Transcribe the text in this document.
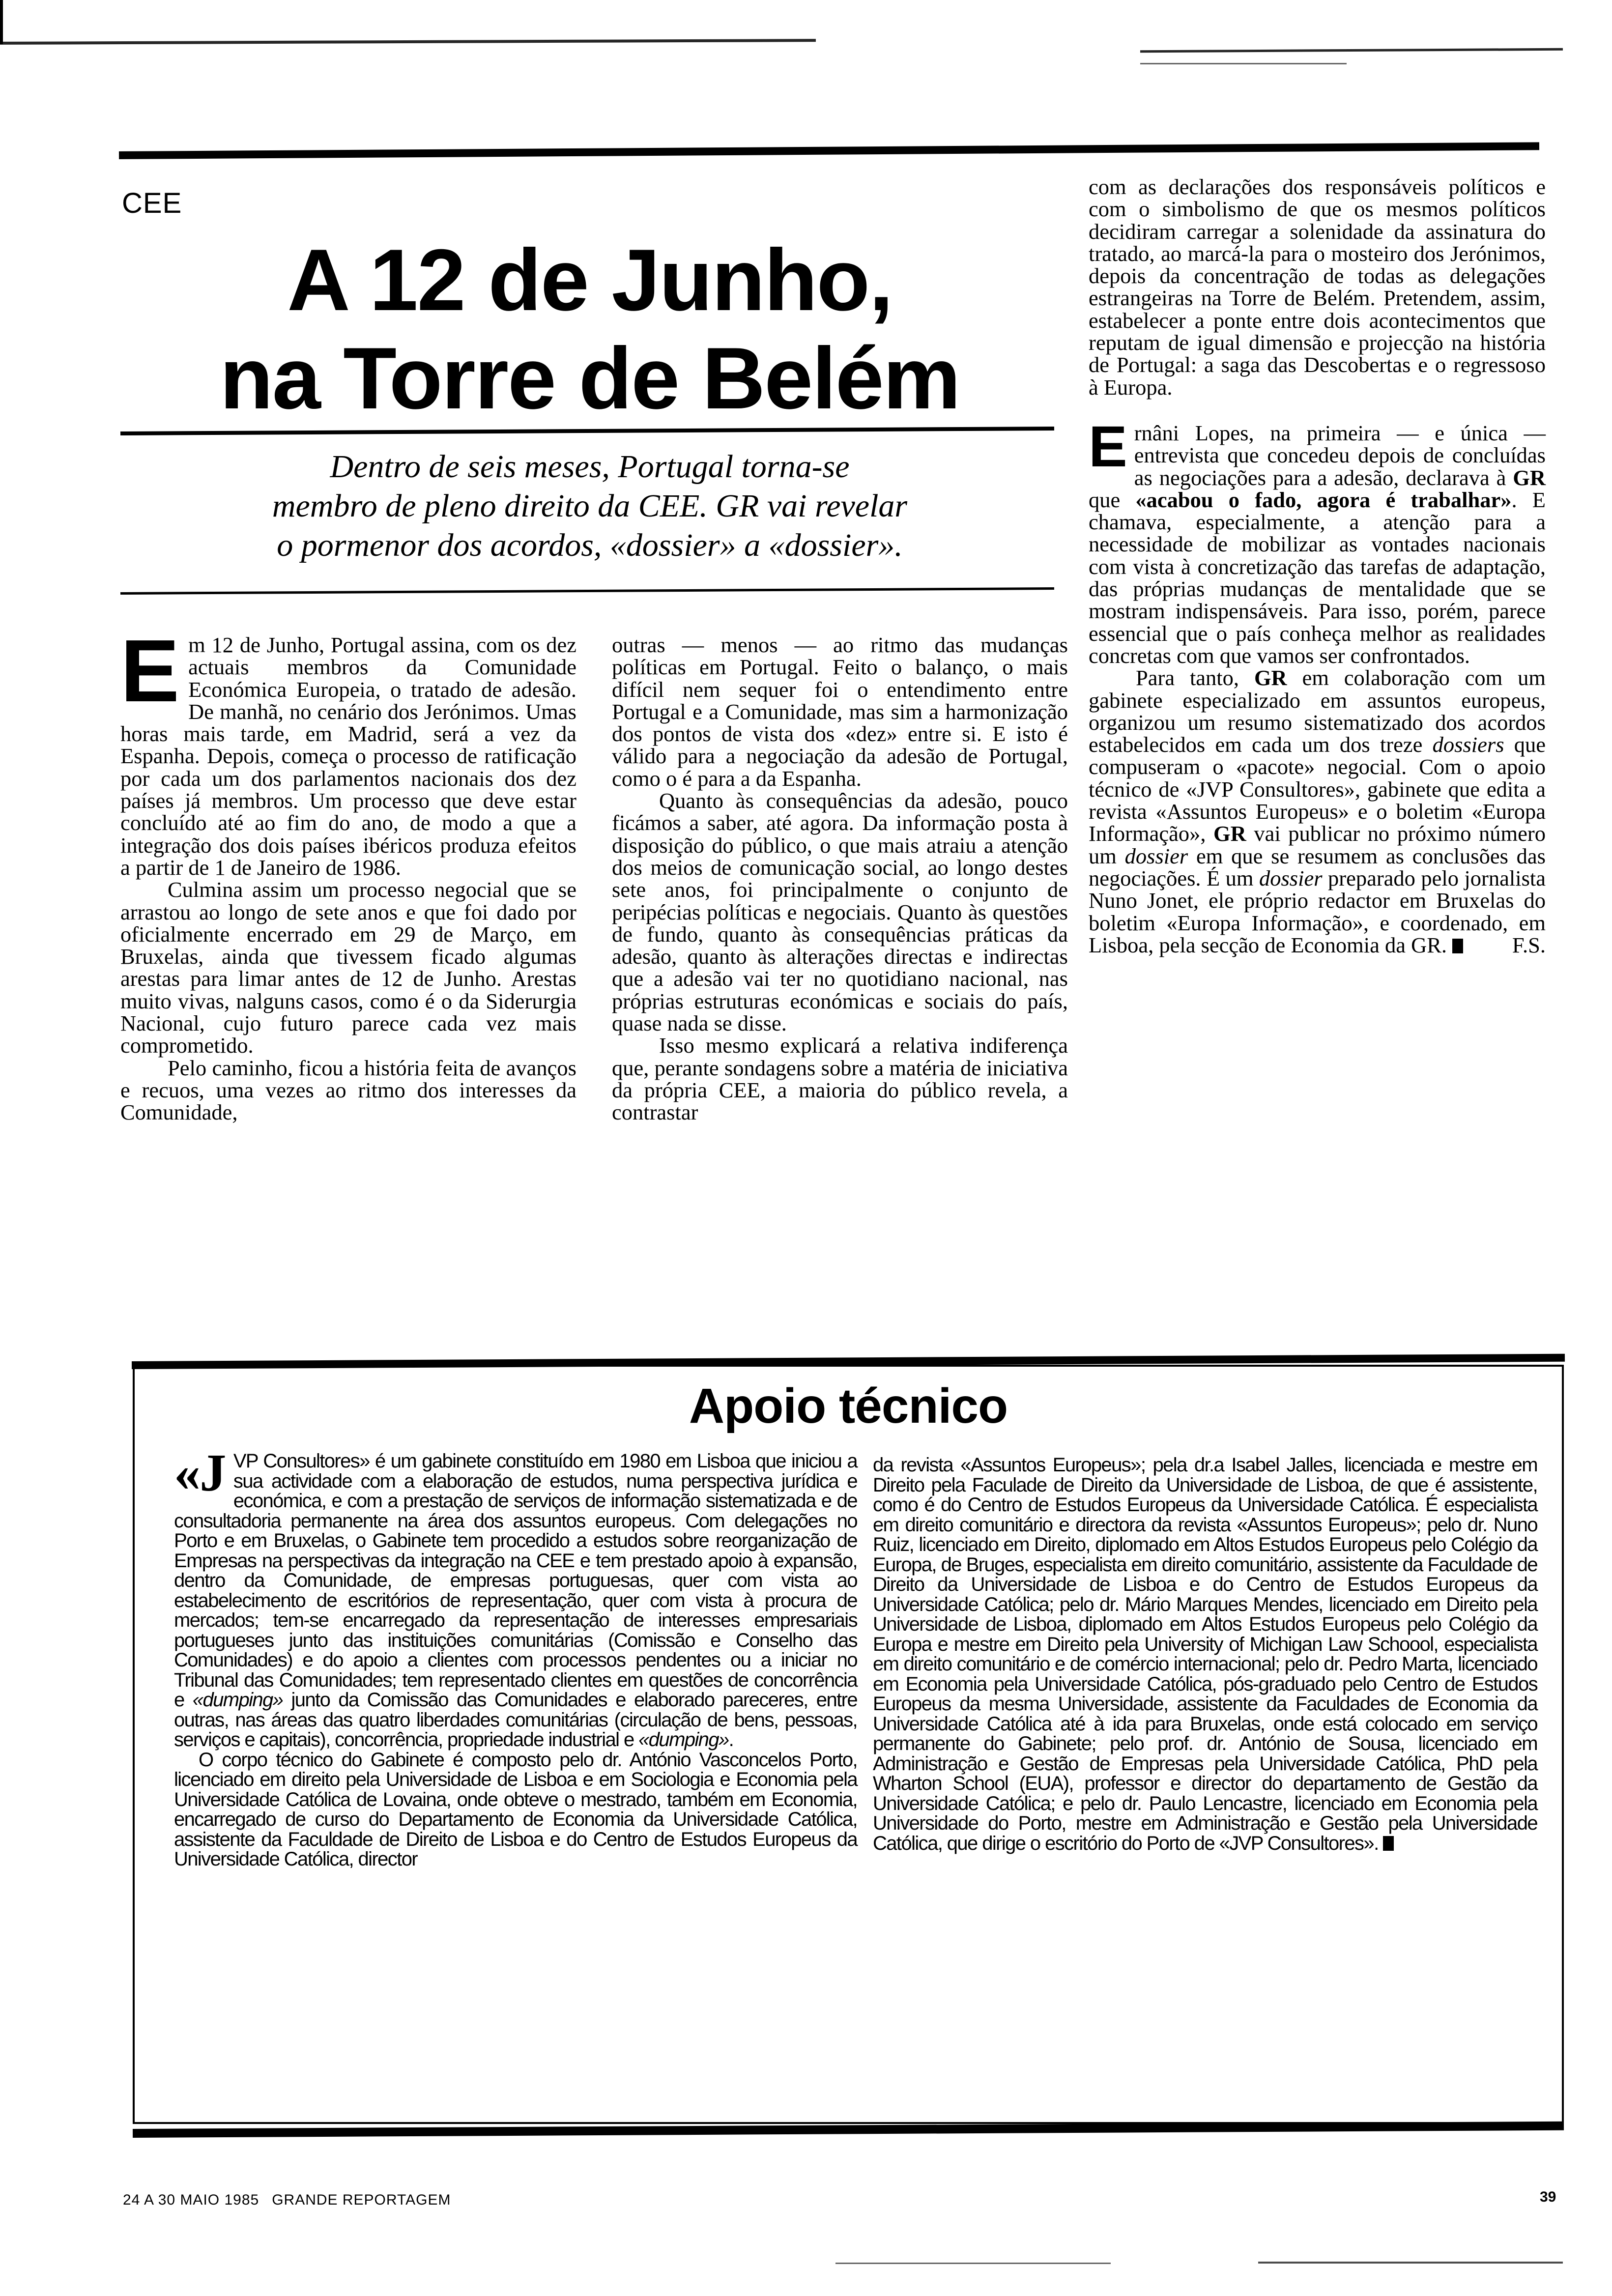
CEE
A 12 de Junho,
na Torre de Belém
Dentro de seis meses, Portugal torna-se
membro de pleno direito da CEE. GR vai revelar
o pormenor dos acordos, «dossier» a «dossier».

Em 12 de Junho, Portugal assina, com os dez actuais membros da Comunidade Económica Europeia, o tratado de adesão. De manhã, no cenário dos Jerónimos. Umas horas mais tarde, em Madrid, será a vez da Espanha. Depois, começa o processo de ratificação por cada um dos parlamentos nacionais dos dez países já membros. Um processo que deve estar concluído até ao fim do ano, de modo a que a integração dos dois países ibéricos produza efeitos a partir de 1 de Janeiro de 1986.

Culmina assim um processo negocial que se arrastou ao longo de sete anos e que foi dado por oficialmente encerrado em 29 de Março, em Bruxelas, ainda que tivessem ficado algumas arestas para limar antes de 12 de Junho. Arestas muito vivas, nalguns casos, como é o da Siderurgia Nacional, cujo futuro parece cada vez mais comprometido.

Pelo caminho, ficou a história feita de avanços e recuos, uma vezes ao ritmo dos interesses da Comunidade,

outras — menos — ao ritmo das mudanças políticas em Portugal. Feito o balanço, o mais difícil nem sequer foi o entendimento entre Portugal e a Comunidade, mas sim a harmonização dos pontos de vista dos «dez» entre si. E isto é válido para a negociação da adesão de Portugal, como o é para a da Espanha.

Quanto às consequências da adesão, pouco ficámos a saber, até agora. Da informação posta à disposição do público, o que mais atraiu a atenção dos meios de comunicação social, ao longo destes sete anos, foi principalmente o conjunto de peripécias políticas e negociais. Quanto às questões de fundo, quanto às consequências práticas da adesão, quanto às alterações directas e indirectas que a adesão vai ter no quotidiano nacional, nas próprias estruturas económicas e sociais do país, quase nada se disse.

Isso mesmo explicará a relativa indiferença que, perante sondagens sobre a matéria de iniciativa da própria CEE, a maioria do público revela, a contrastar

com as declarações dos responsáveis políticos e com o simbolismo de que os mesmos políticos decidiram carregar a solenidade da assinatura do tratado, ao marcá-la para o mosteiro dos Jerónimos, depois da concentração de todas as delegações estrangeiras na Torre de Belém. Pretendem, assim, estabelecer a ponte entre dois acontecimentos que reputam de igual dimensão e projecção na história de Portugal: a saga das Descobertas e o regressoso à Europa.

Ernâni Lopes, na primeira — e única — entrevista que concedeu depois de concluídas as negociações para a adesão, declarava à GR que «acabou o fado, agora é trabalhar». E chamava, especialmente, a atenção para a necessidade de mobilizar as vontades nacionais com vista à concretização das tarefas de adaptação, das próprias mudanças de mentalidade que se mostram indispensáveis. Para isso, porém, parece essencial que o país conheça melhor as realidades concretas com que vamos ser confrontados.

Para tanto, GR em colaboração com um gabinete especializado em assuntos europeus, organizou um resumo sistematizado dos acordos estabelecidos em cada um dos treze dossiers que compuseram o «pacote» negocial. Com o apoio técnico de «JVP Consultores», gabinete que edita a revista «Assuntos Europeus» e o boletim «Europa Informação», GR vai publicar no próximo número um dossier em que se resumem as conclusões das negociações. É um dossier preparado pelo jornalista Nuno Jonet, ele próprio redactor em Bruxelas do boletim «Europa Informação», e coordenado, em Lisboa, pela secção de Economia da GR.	F.S.

Apoio técnico

«JVP Consultores» é um gabinete constituído em 1980 em Lisboa que iniciou a sua actividade com a elaboração de estudos, numa perspectiva jurídica e económica, e com a prestação de serviços de informação sistematizada e de consultadoria permanente na área dos assuntos europeus. Com delegações no Porto e em Bruxelas, o Gabinete tem procedido a estudos sobre reorganização de Empresas na perspectivas da integração na CEE e tem prestado apoio à expansão, dentro da Comunidade, de empresas portuguesas, quer com vista ao estabelecimento de escritórios de representação, quer com vista à procura de mercados; tem-se encarregado da representação de interesses empresariais portugueses junto das instituições comunitárias (Comissão e Conselho das Comunidades) e do apoio a clientes com processos pendentes ou a iniciar no Tribunal das Comunidades; tem representado clientes em questões de concorrência e «dumping» junto da Comissão das Comunidades e elaborado pareceres, entre outras, nas áreas das quatro liberdades comunitárias (circulação de bens, pessoas, serviços e capitais), concorrência, propriedade industrial e «dumping».

O corpo técnico do Gabinete é composto pelo dr. António Vasconcelos Porto, licenciado em direito pela Universidade de Lisboa e em Sociologia e Economia pela Universidade Católica de Lovaina, onde obteve o mestrado, também em Economia, encarregado de curso do Departamento de Economia da Universidade Católica, assistente da Faculdade de Direito de Lisboa e do Centro de Estudos Europeus da Universidade Católica, director

da revista «Assuntos Europeus»; pela dr.a Isabel Jalles, licenciada e mestre em Direito pela Faculade de Direito da Universidade de Lisboa, de que é assistente, como é do Centro de Estudos Europeus da Universidade Católica. É especialista em direito comunitário e directora da revista «Assuntos Europeus»; pelo dr. Nuno Ruiz, licenciado em Direito, diplomado em Altos Estudos Europeus pelo Colégio da Europa, de Bruges, especialista em direito comunitário, assistente da Faculdade de Direito da Universidade de Lisboa e do Centro de Estudos Europeus da Universidade Católica; pelo dr. Mário Marques Mendes, licenciado em Direito pela Universidade de Lisboa, diplomado em Altos Estudos Europeus pelo Colégio da Europa e mestre em Direito pela University of Michigan Law Schoool, especialista em direito comunitário e de comércio internacional; pelo dr. Pedro Marta, licenciado em Economia pela Universidade Católica, pós-graduado pelo Centro de Estudos Europeus da mesma Universidade, assistente da Faculdades de Economia da Universidade Católica até à ida para Bruxelas, onde está colocado em serviço permanente do Gabinete; pelo prof. dr. António de Sousa, licenciado em Administração e Gestão de Empresas pela Universidade Católica, PhD pela Wharton School (EUA), professor e director do departamento de Gestão da Universidade Católica; e pelo dr. Paulo Lencastre, licenciado em Economia pela Universidade do Porto, mestre em Administração e Gestão pela Universidade Católica, que dirige o escritório do Porto de «JVP Consultores».

24 A 30 MAIO 1985 GRANDE REPORTAGEM	39
